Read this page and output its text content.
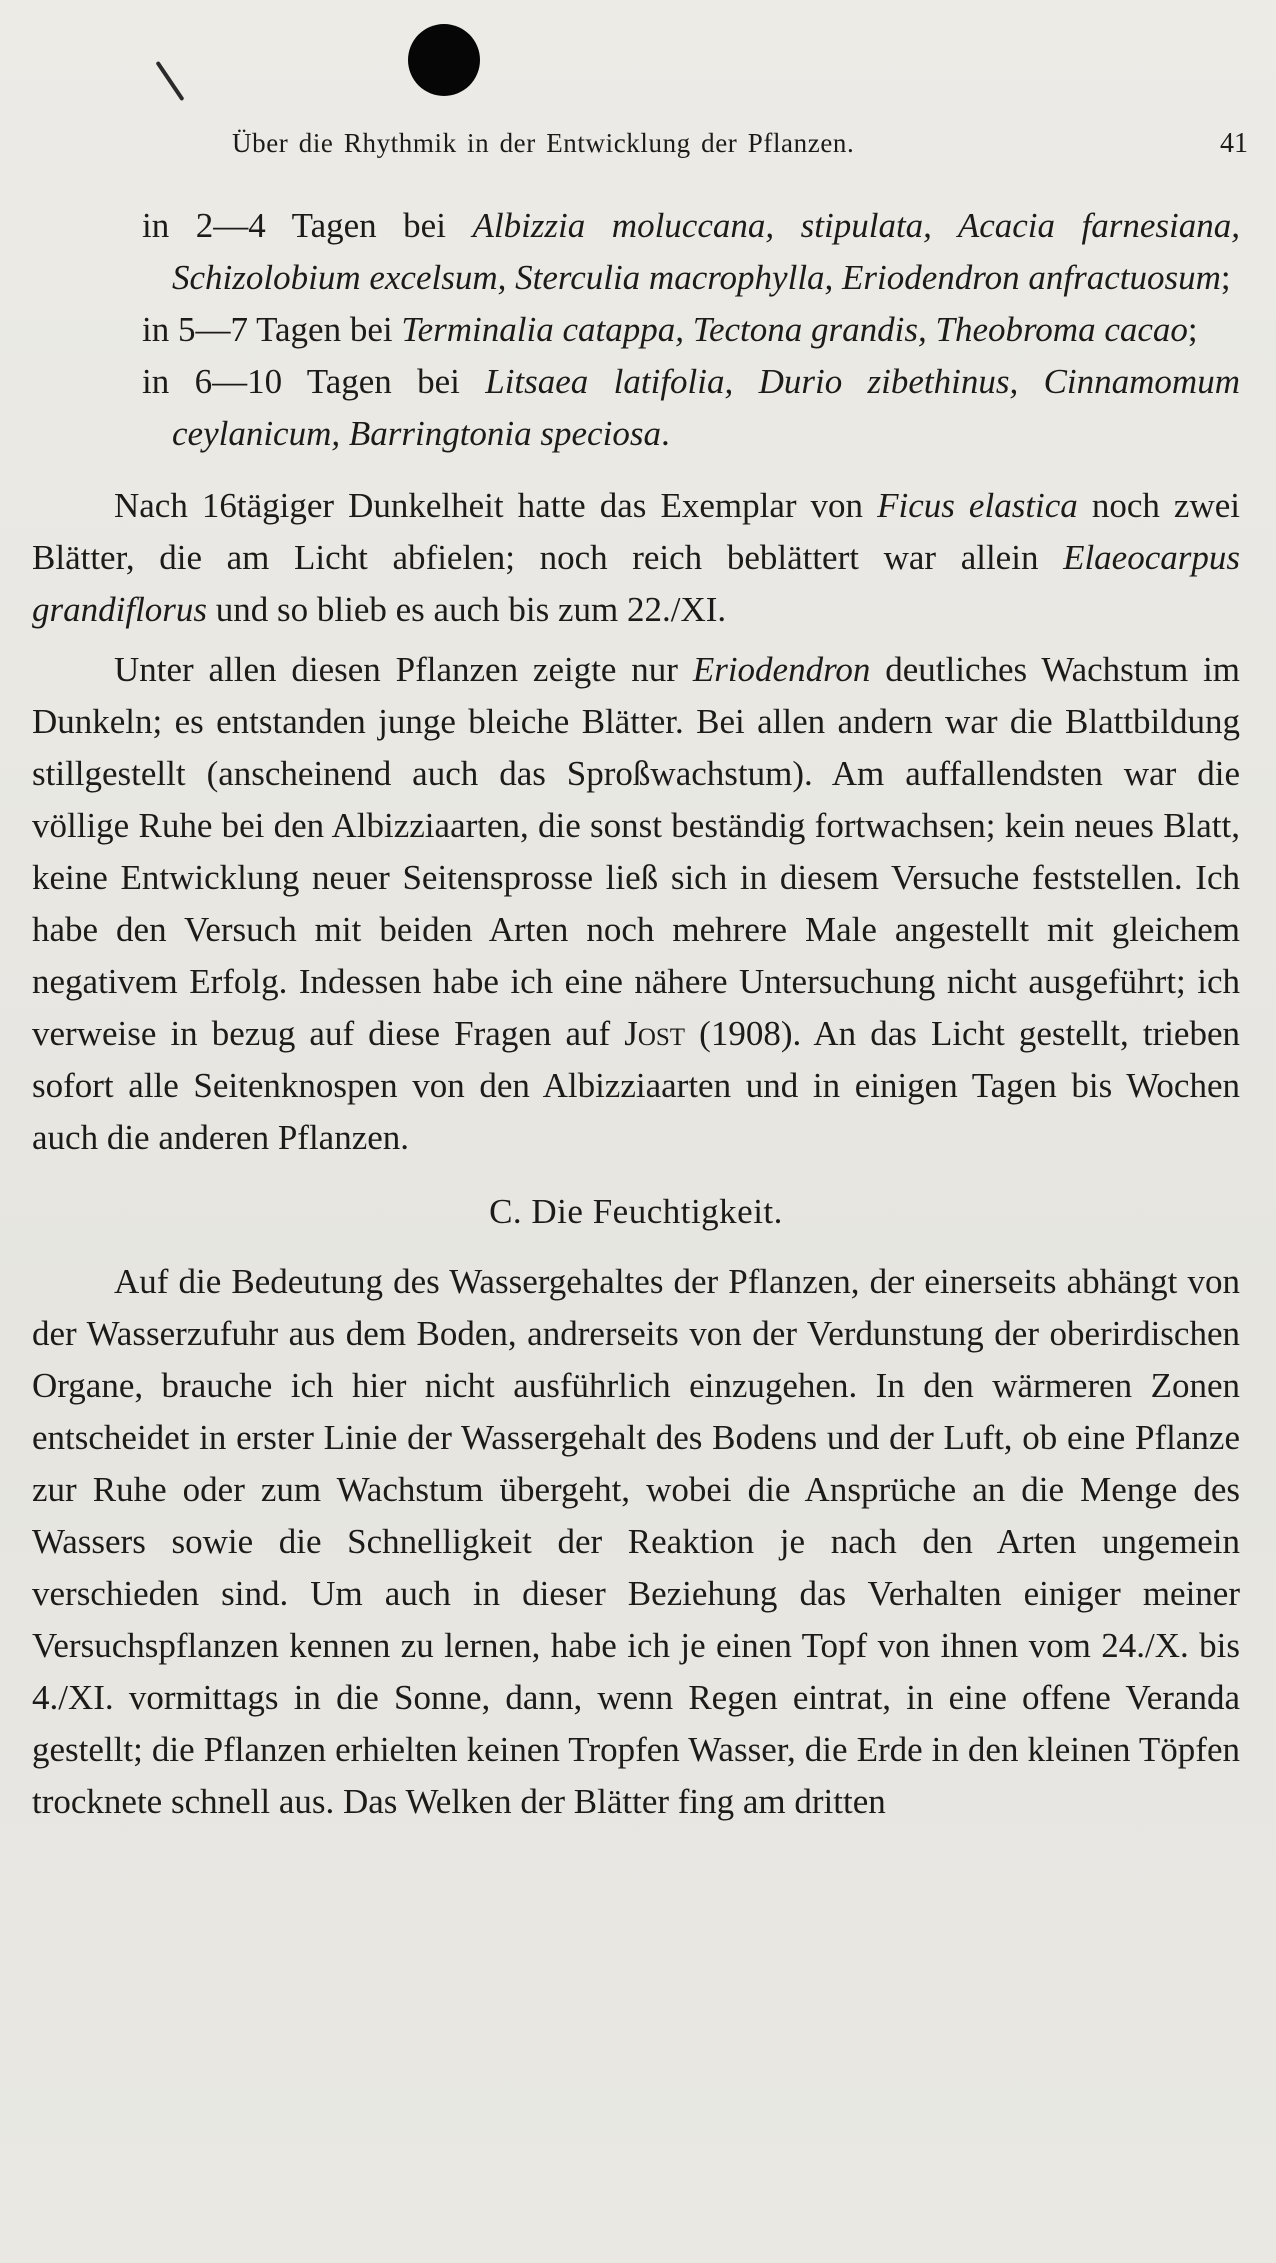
Über die Rhythmik in der Entwicklung der Pflanzen.	41

in 2—4 Tagen bei Albizzia moluccana, stipulata, Acacia farnesiana, Schizolobium excelsum, Sterculia macrophylla, Eriodendron anfractuosum;

in 5—7 Tagen bei Terminalia catappa, Tectona grandis, Theobroma cacao;

in 6—10 Tagen bei Litsaea latifolia, Durio zibethinus, Cinnamomum ceylanicum, Barringtonia speciosa.

Nach 16tägiger Dunkelheit hatte das Exemplar von Ficus elastica noch zwei Blätter, die am Licht abfielen; noch reich beblättert war allein Elaeocarpus grandiflorus und so blieb es auch bis zum 22./XI.

Unter allen diesen Pflanzen zeigte nur Eriodendron deutliches Wachstum im Dunkeln; es entstanden junge bleiche Blätter. Bei allen andern war die Blattbildung stillgestellt (anscheinend auch das Sproßwachstum). Am auffallendsten war die völlige Ruhe bei den Albizziaarten, die sonst beständig fortwachsen; kein neues Blatt, keine Entwicklung neuer Seitensprosse ließ sich in diesem Versuche feststellen. Ich habe den Versuch mit beiden Arten noch mehrere Male angestellt mit gleichem negativem Erfolg. Indessen habe ich eine nähere Untersuchung nicht ausgeführt; ich verweise in bezug auf diese Fragen auf Jost (1908). An das Licht gestellt, trieben sofort alle Seitenknospen von den Albizziaarten und in einigen Tagen bis Wochen auch die anderen Pflanzen.

C. Die Feuchtigkeit.

Auf die Bedeutung des Wassergehaltes der Pflanzen, der einerseits abhängt von der Wasserzufuhr aus dem Boden, andrerseits von der Verdunstung der oberirdischen Organe, brauche ich hier nicht ausführlich einzugehen. In den wärmeren Zonen entscheidet in erster Linie der Wassergehalt des Bodens und der Luft, ob eine Pflanze zur Ruhe oder zum Wachstum übergeht, wobei die Ansprüche an die Menge des Wassers sowie die Schnelligkeit der Reaktion je nach den Arten ungemein verschieden sind. Um auch in dieser Beziehung das Verhalten einiger meiner Versuchspflanzen kennen zu lernen, habe ich je einen Topf von ihnen vom 24./X. bis 4./XI. vormittags in die Sonne, dann, wenn Regen eintrat, in eine offene Veranda gestellt; die Pflanzen erhielten keinen Tropfen Wasser, die Erde in den kleinen Töpfen trocknete schnell aus. Das Welken der Blätter fing am dritten
